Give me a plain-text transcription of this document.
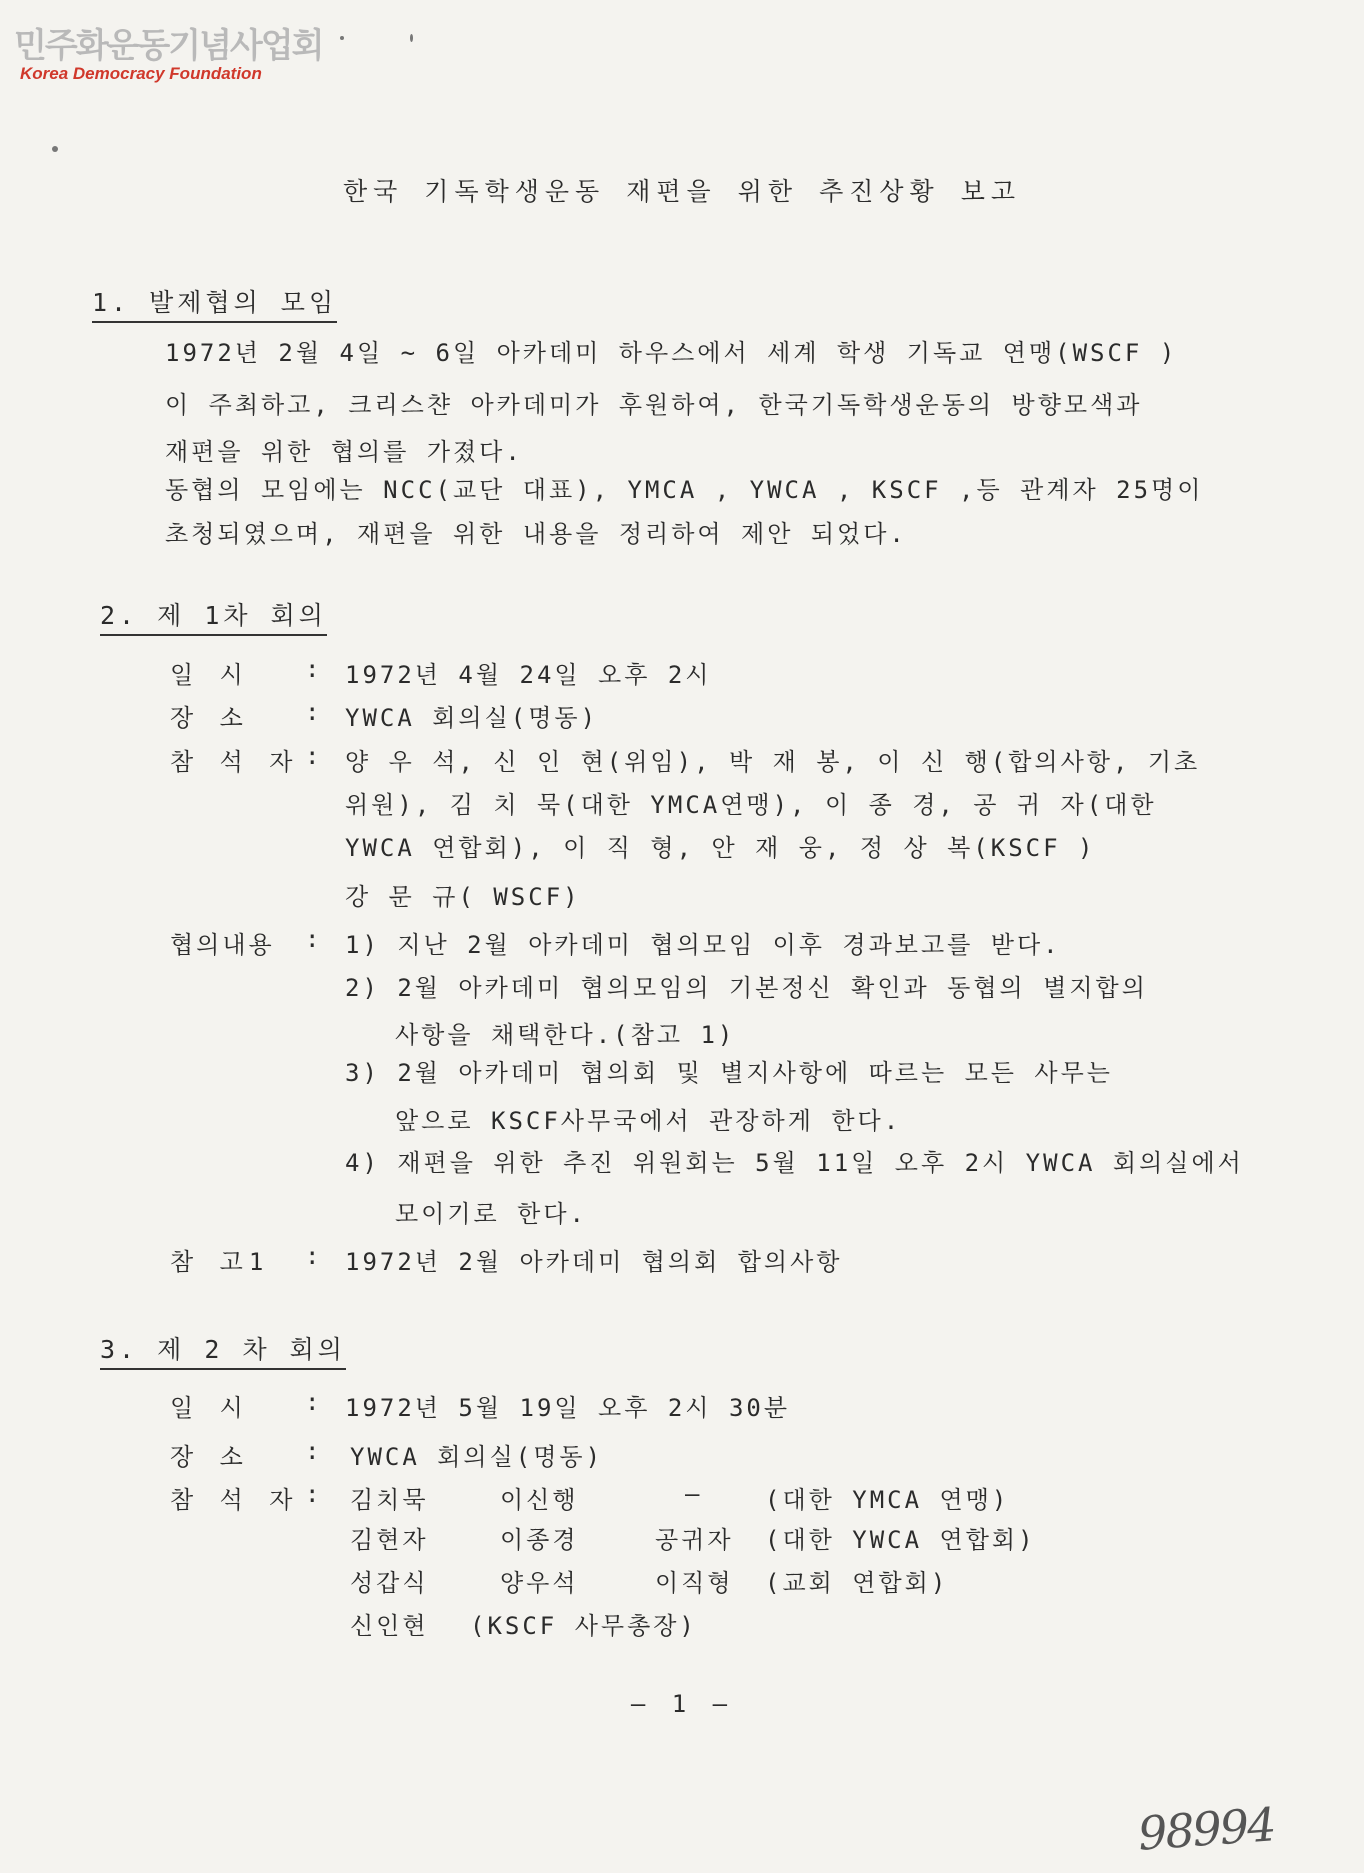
민주화운동기념사업회
Korea Democracy Foundation
한국 기독학생운동 재편을 위한 추진상황 보고
1. 발제협의 모임
1972년 2월 4일 ~ 6일 아카데미 하우스에서 세계 학생 기독교 연맹(WSCF )
이 주최하고, 크리스챤 아카데미가 후원하여, 한국기독학생운동의 방향모색과
재편을 위한 협의를 가졌다.
동협의 모임에는 NCC(교단 대표), YMCA , YWCA , KSCF ,등 관계자 25명이
초청되였으며, 재편을 위한 내용을 정리하여 제안 되었다.
2. 제 1차 회의
일 시 : 1972년 4월 24일 오후 2시
장 소 : YWCA 회의실(명동)
참 석 자 : 양 우 석, 신 인 현(위임), 박 재 봉, 이 신 행(합의사항, 기초
위원), 김 치 묵(대한 YMCA연맹), 이 종 경, 공 귀 자(대한
YWCA 연합회), 이 직 형, 안 재 웅, 정 상 복(KSCF )
강 문 규( WSCF)
협의내용 : 1) 지난 2월 아카데미 협의모임 이후 경과보고를 받다.
2) 2월 아카데미 협의모임의 기본정신 확인과 동협의 별지합의
사항을 채택한다.(참고 1)
3) 2월 아카데미 협의회 및 별지사항에 따르는 모든 사무는
앞으로 KSCF사무국에서 관장하게 한다.
4) 재편을 위한 추진 위원회는 5월 11일 오후 2시 YWCA 회의실에서
모이기로 한다.
참 고1 : 1972년 2월 아카데미 협의회 합의사항
3. 제 2 차 회의
일 시 : 1972년 5월 19일 오후 2시 30분
장 소 : YWCA 회의실(명동)
참 석 자 : 김치묵	이신행	—	(대한 YMCA 연맹)
김현자	이종경	공귀자 (대한 YWCA 연합회)
성갑식	양우석	이직형 (교회 연합회)
신인현 (KSCF 사무총장)
— 1 —
98994
